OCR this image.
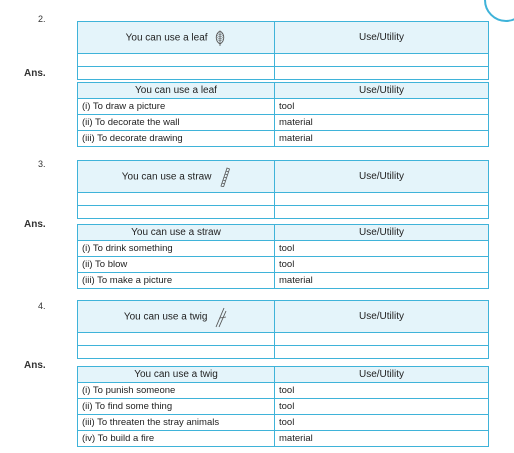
2.
You can use a leaf	Use/Utility

Ans.
You can use a leaf	Use/Utility
(i) To draw a picture	tool
(ii) To decorate the wall	material
(iii) To decorate drawing	material
3.
You can use a straw	Use/Utility

Ans.
You can use a straw	Use/Utility
(i) To drink something	tool
(ii) To blow	tool
(iii) To make a picture	material
4.
You can use a twig	Use/Utility

Ans.
You can use a twig	Use/Utility
(i) To punish someone	tool
(ii) To find some thing	tool
(iii) To threaten the stray animals	tool
(iv) To build a fire	material
